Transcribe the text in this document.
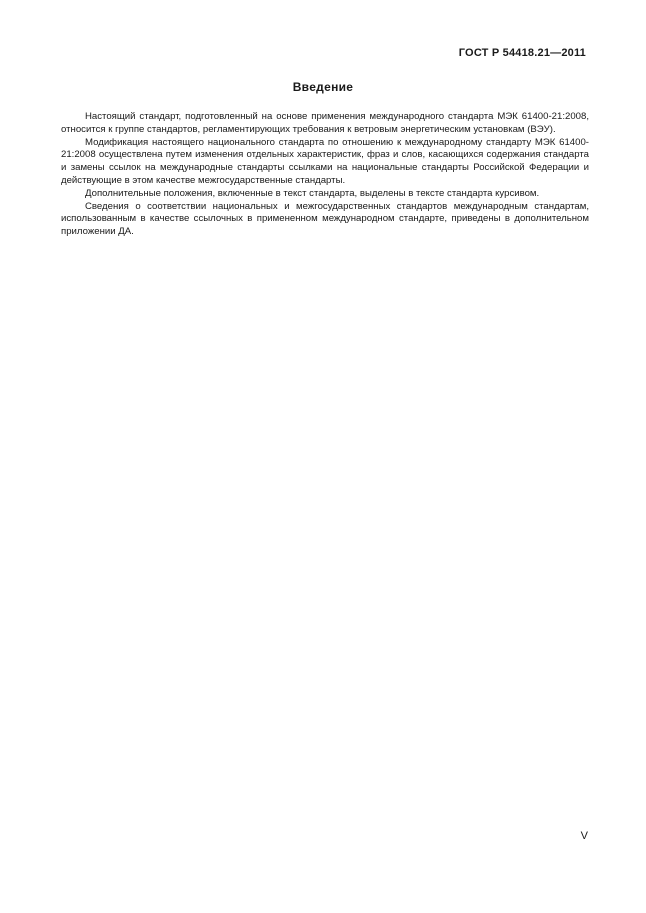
ГОСТ Р 54418.21—2011
Введение

Настоящий стандарт, подготовленный на основе применения международного стандарта МЭК 61400-21:2008, относится к группе стандартов, регламентирующих требования к ветровым энергетическим установкам (ВЭУ).

Модификация настоящего национального стандарта по отношению к международному стандарту МЭК 61400-21:2008 осуществлена путем изменения отдельных характеристик, фраз и слов, касающихся содержания стандарта и замены ссылок на международные стандарты ссылками на национальные стандарты Российской Федерации и действующие в этом качестве межгосударственные стандарты.

Дополнительные положения, включенные в текст стандарта, выделены в тексте стандарта курсивом.

Сведения о соответствии национальных и межгосударственных стандартов международным стандартам, использованным в качестве ссылочных в примененном международном стандарте, приведены в дополнительном приложении ДА.

V
